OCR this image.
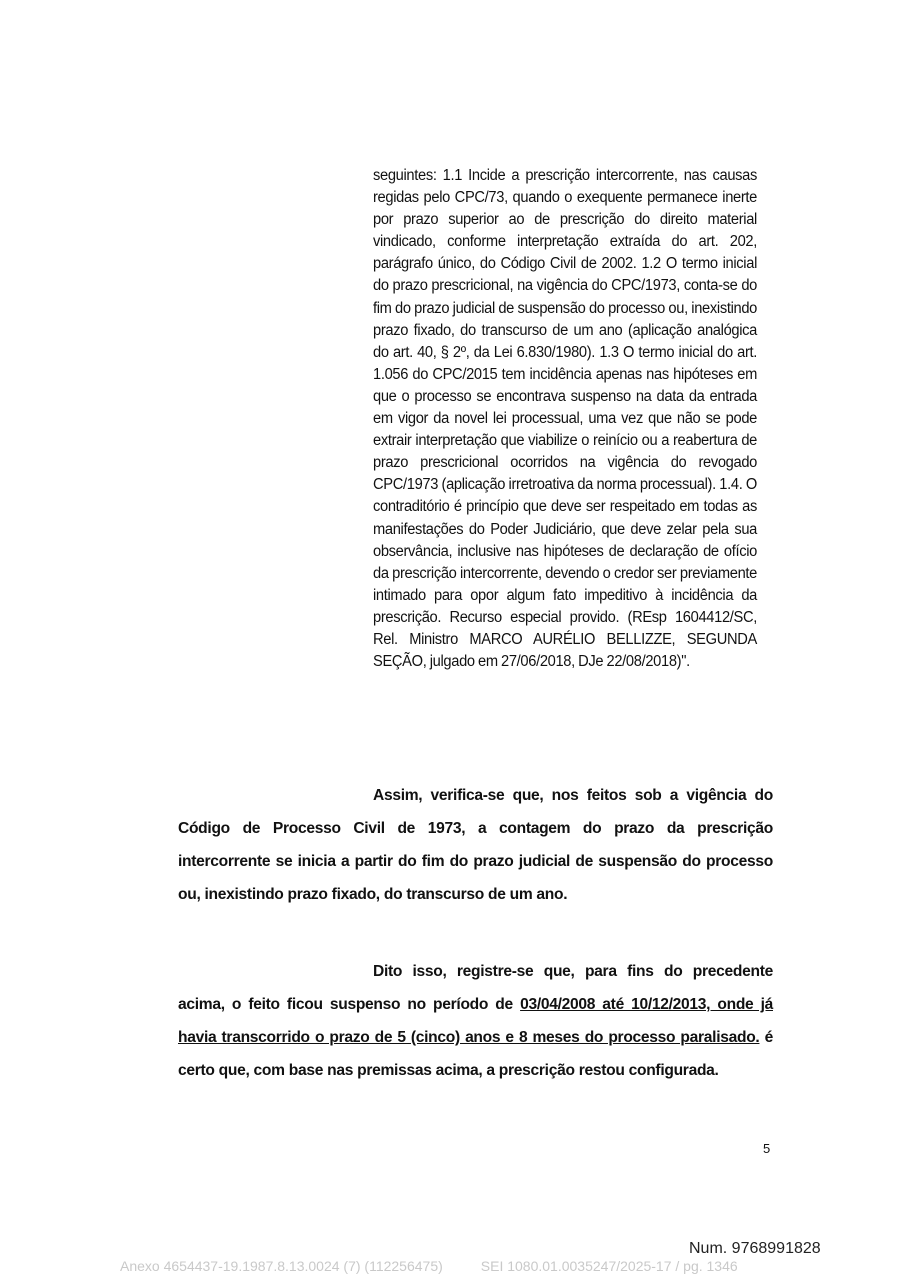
seguintes: 1.1 Incide a prescrição intercorrente, nas causas regidas pelo CPC/73, quando o exequente permanece inerte por prazo superior ao de prescrição do direito material vindicado, conforme interpretação extraída do art. 202, parágrafo único, do Código Civil de 2002. 1.2 O termo inicial do prazo prescricional, na vigência do CPC/1973, conta-se do fim do prazo judicial de suspensão do processo ou, inexistindo prazo fixado, do transcurso de um ano (aplicação analógica do art. 40, § 2º, da Lei 6.830/1980). 1.3 O termo inicial do art. 1.056 do CPC/2015 tem incidência apenas nas hipóteses em que o processo se encontrava suspenso na data da entrada em vigor da novel lei processual, uma vez que não se pode extrair interpretação que viabilize o reinício ou a reabertura de prazo prescricional ocorridos na vigência do revogado CPC/1973 (aplicação irretroativa da norma processual). 1.4. O contraditório é princípio que deve ser respeitado em todas as manifestações do Poder Judiciário, que deve zelar pela sua observância, inclusive nas hipóteses de declaração de ofício da prescrição intercorrente, devendo o credor ser previamente intimado para opor algum fato impeditivo à incidência da prescrição. Recurso especial provido. (REsp 1604412/SC, Rel. Ministro MARCO AURÉLIO BELLIZZE, SEGUNDA SEÇÃO, julgado em 27/06/2018, DJe 22/08/2018)".
Assim, verifica-se que, nos feitos sob a vigência do Código de Processo Civil de 1973, a contagem do prazo da prescrição intercorrente se inicia a partir do fim do prazo judicial de suspensão do processo ou, inexistindo prazo fixado, do transcurso de um ano.
Dito isso, registre-se que, para fins do precedente acima, o feito ficou suspenso no período de 03/04/2008 até 10/12/2013, onde já havia transcorrido o prazo de 5 (cinco) anos e 8 meses do processo paralisado. é certo que, com base nas premissas acima, a prescrição restou configurada.
5
Num. 9768991828
Anexo 4654437-19.1987.8.13.0024 (7) (112256475)	SEI 1080.01.0035247/2025-17 / pg. 1346
